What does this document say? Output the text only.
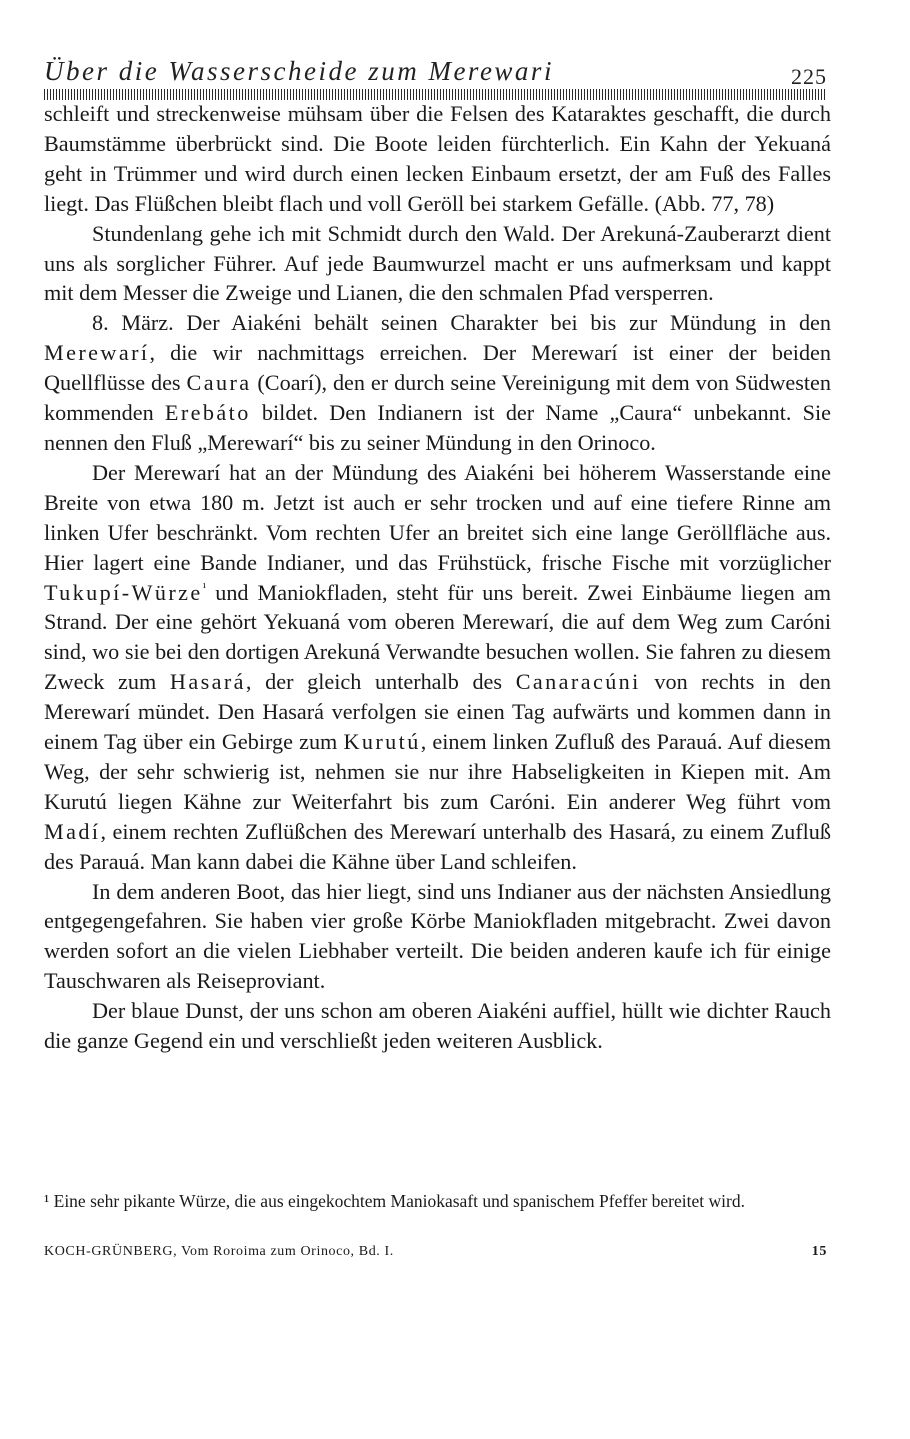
Über die Wasserscheide zum Merewari	225

schleift und streckenweise mühsam über die Felsen des Kataraktes geschafft, die durch Baumstämme überbrückt sind. Die Boote leiden fürchterlich. Ein Kahn der Yekuaná geht in Trümmer und wird durch einen lecken Einbaum ersetzt, der am Fuß des Falles liegt. Das Flüßchen bleibt flach und voll Geröll bei starkem Gefälle. (Abb. 77, 78)

Stundenlang gehe ich mit Schmidt durch den Wald. Der Arekuná-Zauberarzt dient uns als sorglicher Führer. Auf jede Baumwurzel macht er uns aufmerksam und kappt mit dem Messer die Zweige und Lianen, die den schmalen Pfad versperren.

8. März. Der Aiakéni behält seinen Charakter bei bis zur Mündung in den Merewarí, die wir nachmittags erreichen. Der Merewarí ist einer der beiden Quellflüsse des Caura (Coarí), den er durch seine Vereinigung mit dem von Südwesten kommenden Erebáto bildet. Den Indianern ist der Name „Caura“ unbekannt. Sie nennen den Fluß „Merewarí“ bis zu seiner Mündung in den Orinoco.

Der Merewarí hat an der Mündung des Aiakéni bei höherem Wasserstande eine Breite von etwa 180 m. Jetzt ist auch er sehr trocken und auf eine tiefere Rinne am linken Ufer beschränkt. Vom rechten Ufer an breitet sich eine lange Geröllfläche aus. Hier lagert eine Bande Indianer, und das Frühstück, frische Fische mit vorzüglicher Tukupí-Würze$^{^1}$ und Maniokfladen, steht für uns bereit. Zwei Einbäume liegen am Strand. Der eine gehört Yekuaná vom oberen Merewarí, die auf dem Weg zum Caróni sind, wo sie bei den dortigen Arekuná Verwandte besuchen wollen. Sie fahren zu diesem Zweck zum Hasará, der gleich unterhalb des Canaracúni von rechts in den Merewarí mündet. Den Hasará verfolgen sie einen Tag aufwärts und kommen dann in einem Tag über ein Gebirge zum Kurutú, einem linken Zufluß des Parauá. Auf diesem Weg, der sehr schwierig ist, nehmen sie nur ihre Habseligkeiten in Kiepen mit. Am Kurutú liegen Kähne zur Weiterfahrt bis zum Caróni. Ein anderer Weg führt vom Madí, einem rechten Zuflüßchen des Merewarí unterhalb des Hasará, zu einem Zufluß des Parauá. Man kann dabei die Kähne über Land schleifen.

In dem anderen Boot, das hier liegt, sind uns Indianer aus der nächsten Ansiedlung entgegengefahren. Sie haben vier große Körbe Maniokfladen mitgebracht. Zwei davon werden sofort an die vielen Liebhaber verteilt. Die beiden anderen kaufe ich für einige Tauschwaren als Reiseproviant.

Der blaue Dunst, der uns schon am oberen Aiakéni auffiel, hüllt wie dichter Rauch die ganze Gegend ein und verschließt jeden weiteren Ausblick.

¹ Eine sehr pikante Würze, die aus eingekochtem Maniokasaft und spanischem Pfeffer bereitet wird.
KOCH-GRÜNBERG, Vom Roroima zum Orinoco, Bd. I.	15
